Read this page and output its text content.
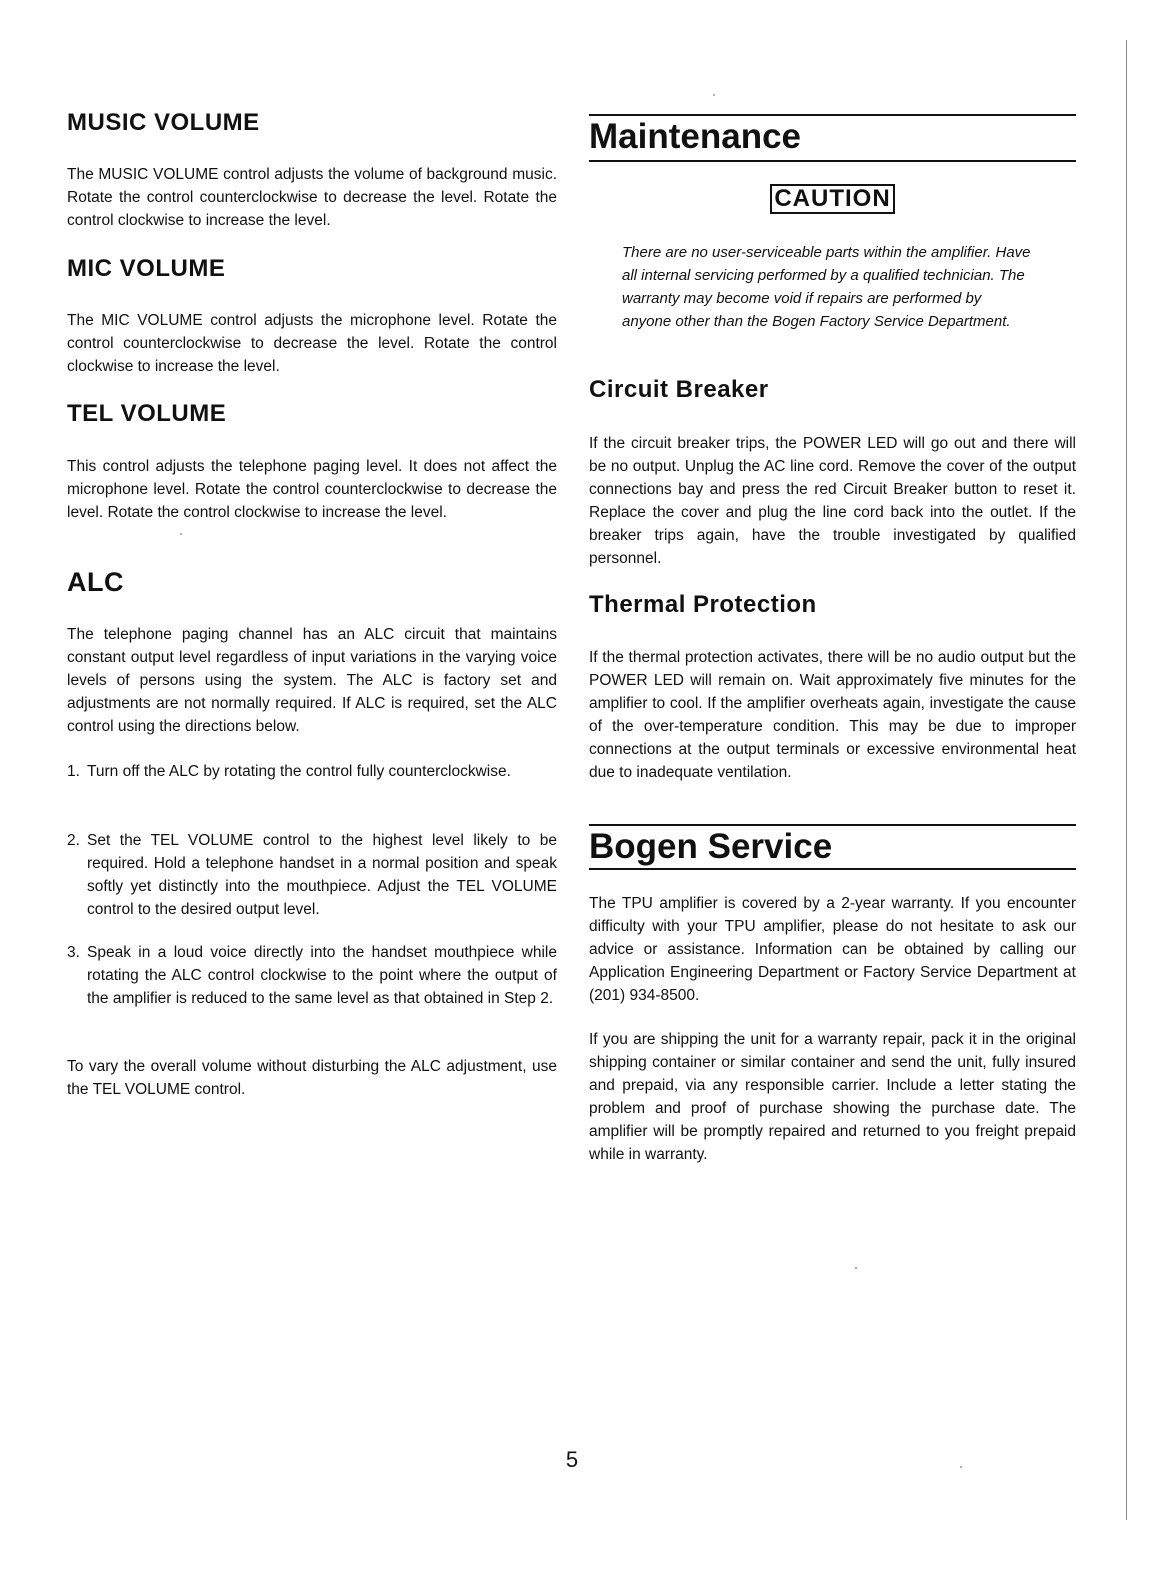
MUSIC VOLUME

The MUSIC VOLUME control adjusts the volume of background music. Rotate the control counterclockwise to decrease the level. Rotate the control clockwise to increase the level.

MIC VOLUME

The MIC VOLUME control adjusts the microphone level. Rotate the control counterclockwise to decrease the level. Rotate the control clockwise to increase the level.

TEL VOLUME

This control adjusts the telephone paging level. It does not affect the microphone level. Rotate the control counterclockwise to decrease the level. Rotate the control clockwise to increase the level.

ALC

The telephone paging channel has an ALC circuit that maintains constant output level regardless of input variations in the varying voice levels of persons using the system. The ALC is factory set and adjustments are not normally required. If ALC is required, set the ALC control using the directions below.

1. Turn off the ALC by rotating the control fully counterclockwise.
2. Set the TEL VOLUME control to the highest level likely to be required. Hold a telephone handset in a normal position and speak softly yet distinctly into the mouthpiece. Adjust the TEL VOLUME control to the desired output level.
3. Speak in a loud voice directly into the handset mouthpiece while rotating the ALC control clockwise to the point where the output of the amplifier is reduced to the same level as that obtained in Step 2.

To vary the overall volume without disturbing the ALC adjustment, use the TEL VOLUME control.

Maintenance
CAUTION

There are no user-serviceable parts within the amplifier. Have all internal servicing performed by a qualified technician. The warranty may become void if repairs are performed by anyone other than the Bogen Factory Service Department.

Circuit Breaker

If the circuit breaker trips, the POWER LED will go out and there will be no output. Unplug the AC line cord. Remove the cover of the output connections bay and press the red Circuit Breaker button to reset it. Replace the cover and plug the line cord back into the outlet. If the breaker trips again, have the trouble investigated by qualified personnel.

Thermal Protection

If the thermal protection activates, there will be no audio output but the POWER LED will remain on. Wait approximately five minutes for the amplifier to cool. If the amplifier overheats again, investigate the cause of the over-temperature condition. This may be due to improper connections at the output terminals or excessive environmental heat due to inadequate ventilation.

Bogen Service

The TPU amplifier is covered by a 2-year warranty. If you encounter difficulty with your TPU amplifier, please do not hesitate to ask our advice or assistance. Information can be obtained by calling our Application Engineering Department or Factory Service Department at (201) 934-8500.

If you are shipping the unit for a warranty repair, pack it in the original shipping container or similar container and send the unit, fully insured and prepaid, via any responsible carrier. Include a letter stating the problem and proof of purchase showing the purchase date. The amplifier will be promptly repaired and returned to you freight prepaid while in warranty.

5
